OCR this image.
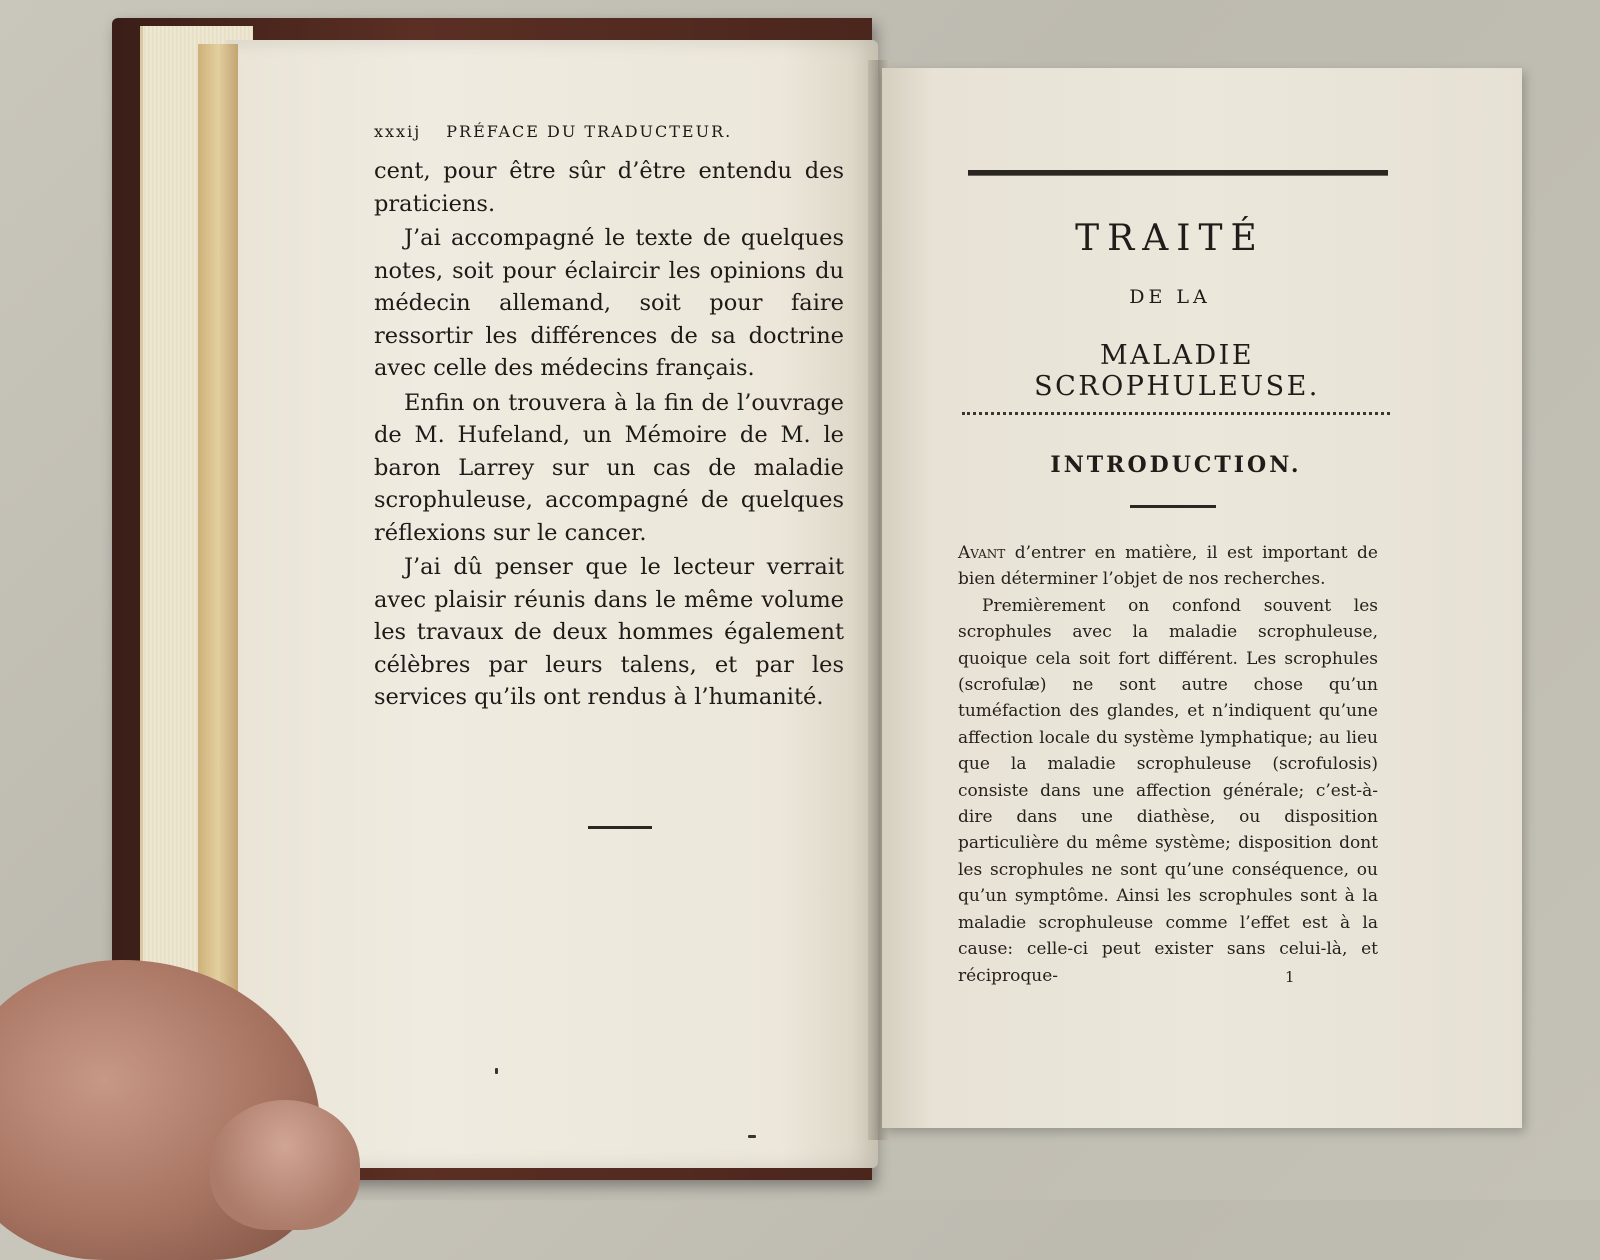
xxxij PRÉFACE DU TRADUCTEUR.

cent, pour être sûr d’être entendu des praticiens.

J’ai accompagné le texte de quelques notes, soit pour éclaircir les opinions du médecin allemand, soit pour faire ressortir les différences de sa doctrine avec celle des médecins français.

Enfin on trouvera à la fin de l’ouvrage de M. Hufeland, un Mémoire de M. le baron Larrey sur un cas de maladie scrophuleuse, accompagné de quelques réflexions sur le cancer.

J’ai dû penser que le lecteur verrait avec plaisir réunis dans le même volume les travaux de deux hommes également célèbres par leurs talens, et par les services qu’ils ont rendus à l’humanité.

TRAITÉ
DE LA
MALADIE SCROPHULEUSE.
INTRODUCTION.

Avant d’entrer en matière, il est important de bien déterminer l’objet de nos recherches.

Premièrement on confond souvent les scrophules avec la maladie scrophuleuse, quoique cela soit fort différent. Les scrophules (scrofulæ) ne sont autre chose qu’un tuméfaction des glandes, et n’indiquent qu’une affection locale du système lymphatique; au lieu que la maladie scrophuleuse (scrofulosis) consiste dans une affection générale; c’est-à-dire dans une diathèse, ou disposition particulière du même système; disposition dont les scrophules ne sont qu’une conséquence, ou qu’un symptôme. Ainsi les scrophules sont à la maladie scrophuleuse comme l’effet est à la cause: celle-ci peut exister sans celui-là, et réciproque-	1
